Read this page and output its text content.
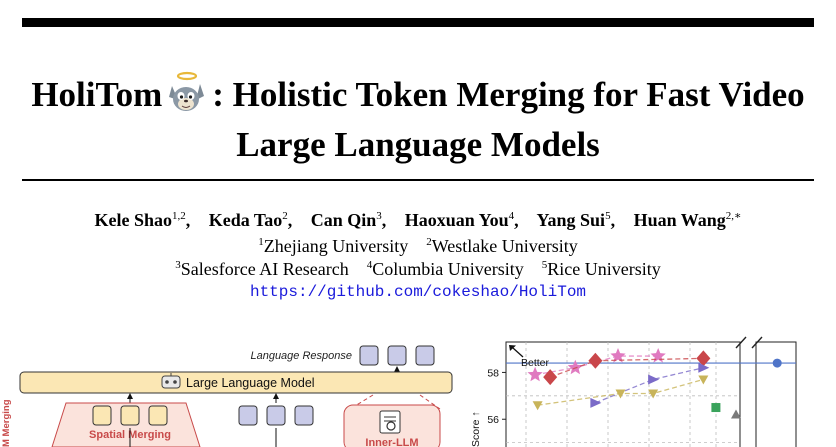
HoliTom : Holistic Token Merging for Fast Video
Large Language Models
Kele Shao$^{1,2}$, Keda Tao$^2$, Can Qin$^3$, Haoxuan You$^4$, Yang Sui$^5$, Huan Wang$^{2,∗}$
$^1$Zhejiang University $^2$Westlake University
$^3$Salesforce AI Research $^4$Columbia University $^5$Rice University
https://github.com/cokeshao/HoliTom
Language Response
Large Language Model
M Merging	Spatial Merging
Inner-LLM
58
56
Better
Score ↑
